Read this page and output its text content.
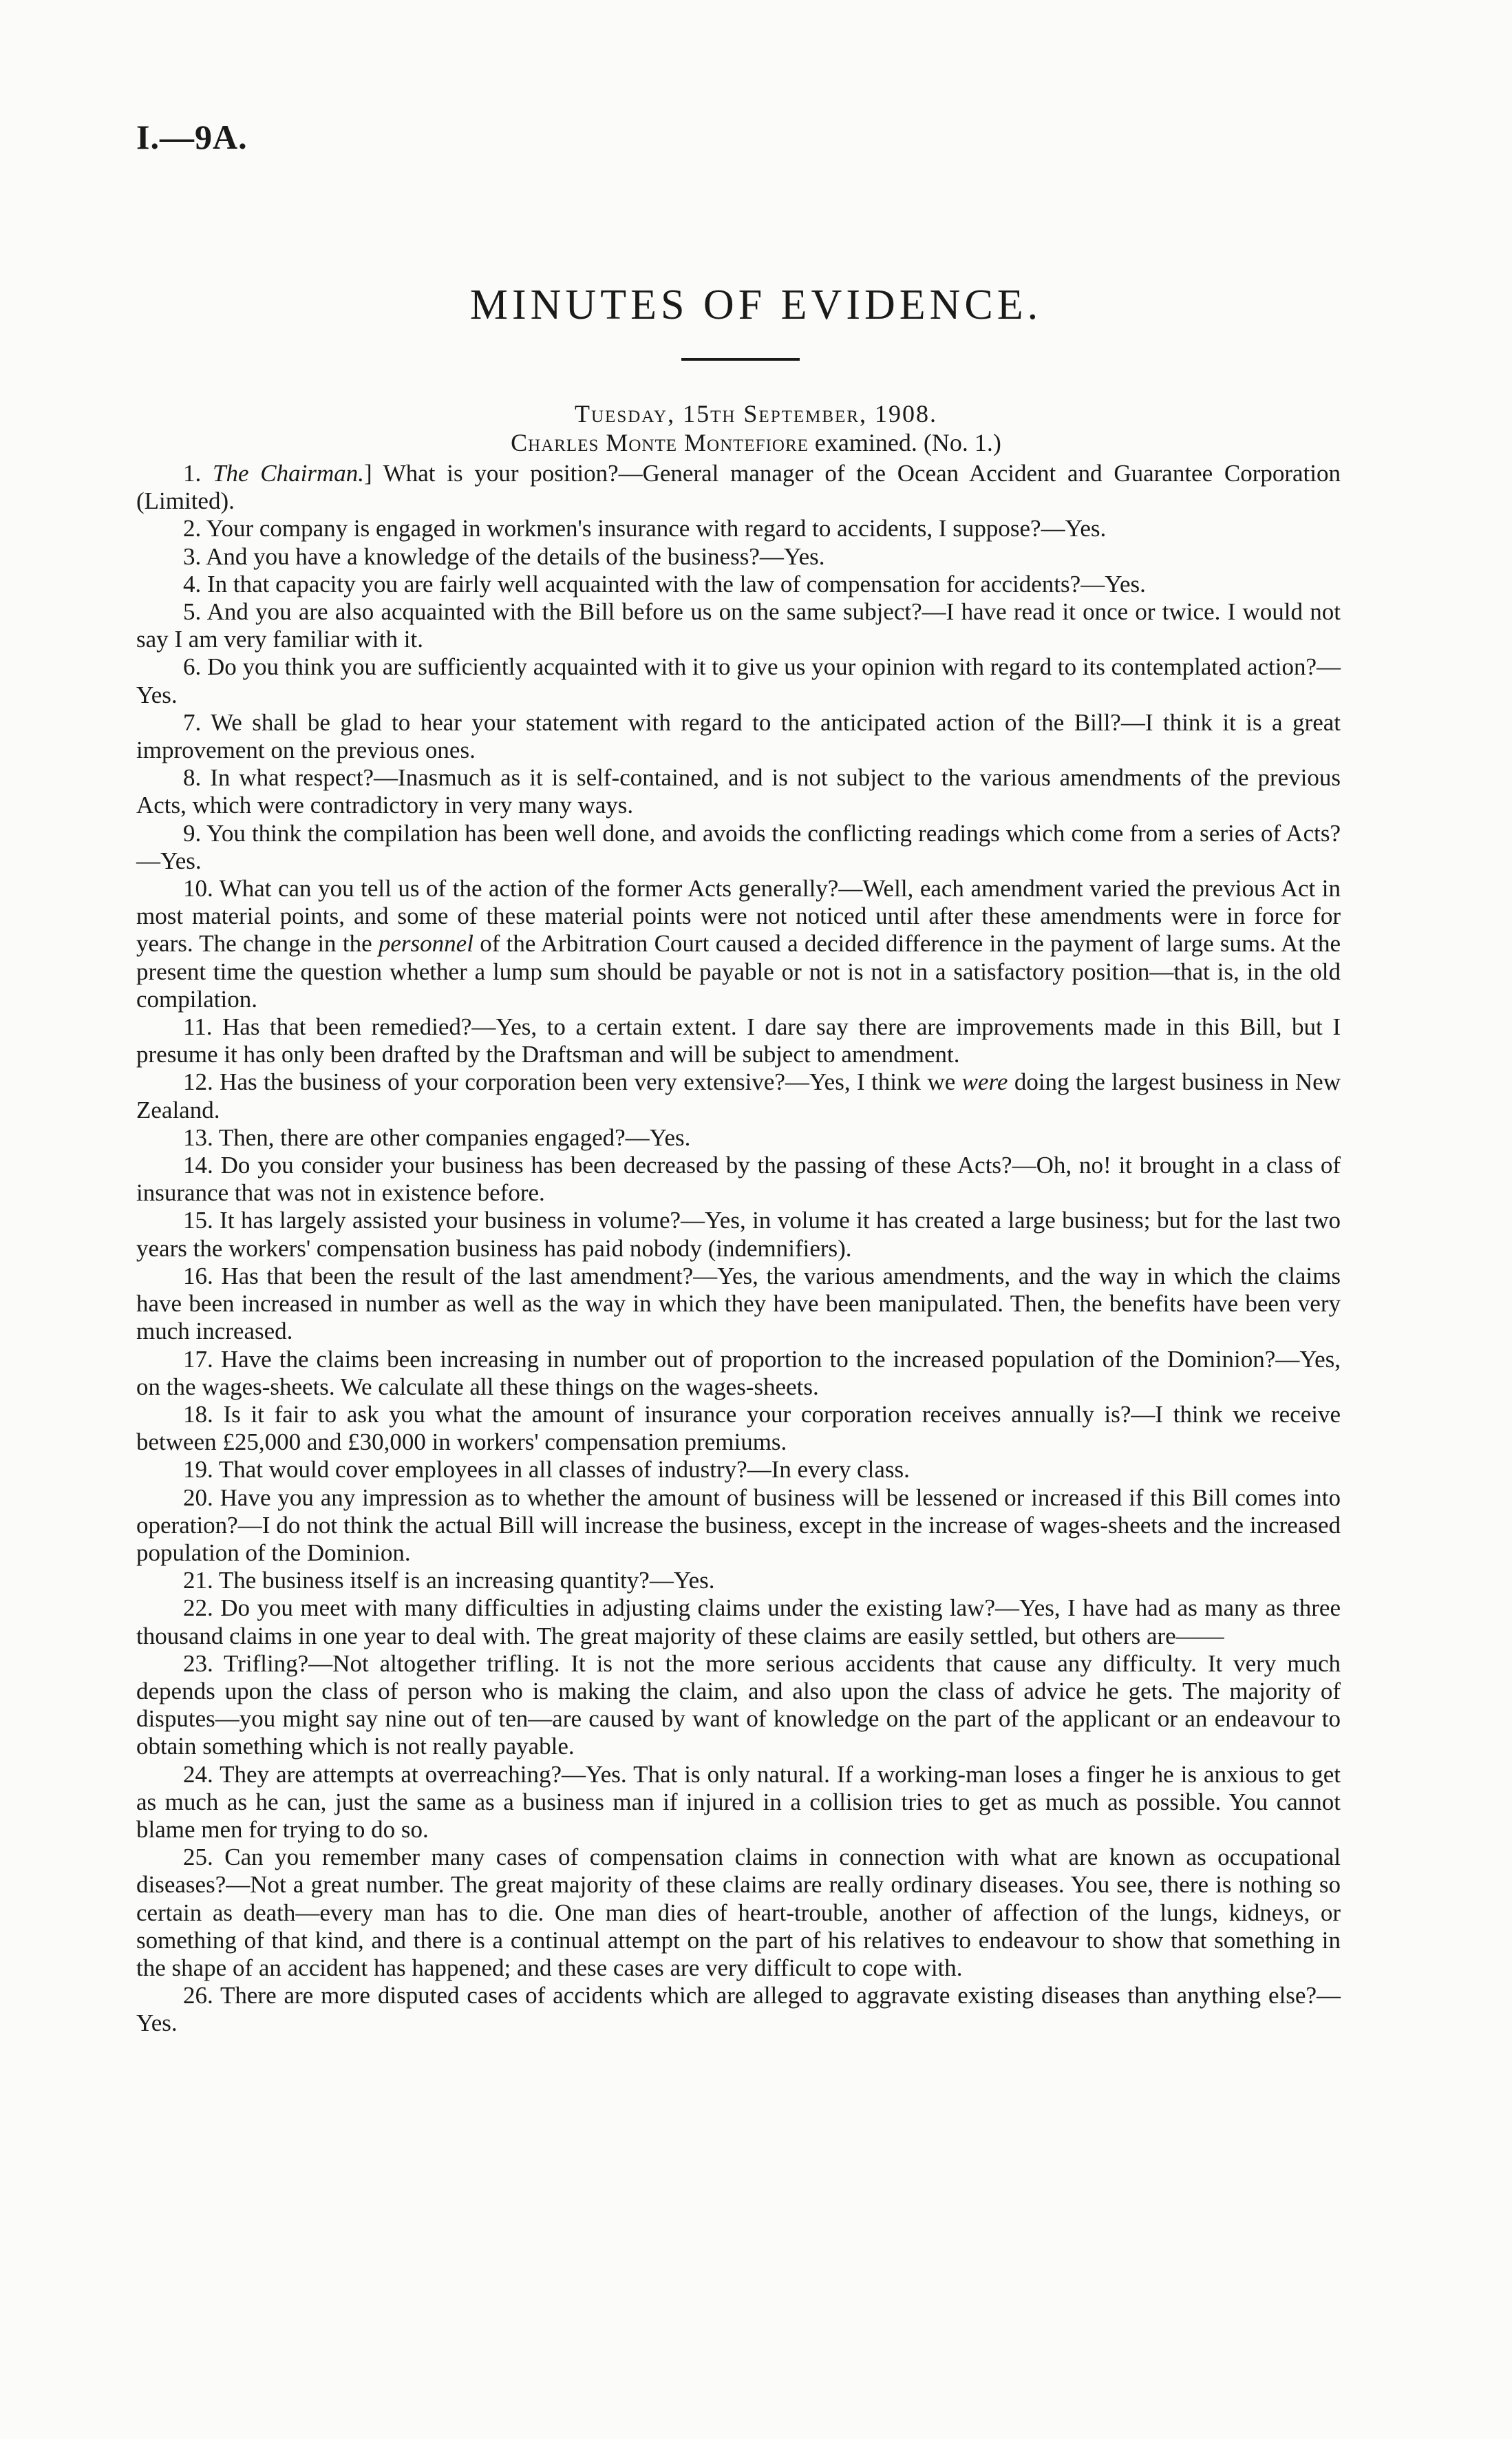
I.—9A.
MINUTES OF EVIDENCE.
Tuesday, 15th September, 1908.
Charles Monte Montefiore examined. (No. 1.)

1. The Chairman.] What is your position?—General manager of the Ocean Accident and Guarantee Corporation (Limited).

2. Your company is engaged in workmen's insurance with regard to accidents, I suppose?—Yes.

3. And you have a knowledge of the details of the business?—Yes.

4. In that capacity you are fairly well acquainted with the law of compensation for accidents?—Yes.

5. And you are also acquainted with the Bill before us on the same subject?—I have read it once or twice. I would not say I am very familiar with it.

6. Do you think you are sufficiently acquainted with it to give us your opinion with regard to its contemplated action?—Yes.

7. We shall be glad to hear your statement with regard to the anticipated action of the Bill?—I think it is a great improvement on the previous ones.

8. In what respect?—Inasmuch as it is self-contained, and is not subject to the various amendments of the previous Acts, which were contradictory in very many ways.

9. You think the compilation has been well done, and avoids the conflicting readings which come from a series of Acts?—Yes.

10. What can you tell us of the action of the former Acts generally?—Well, each amendment varied the previous Act in most material points, and some of these material points were not noticed until after these amendments were in force for years. The change in the personnel of the Arbitration Court caused a decided difference in the payment of large sums. At the present time the question whether a lump sum should be payable or not is not in a satisfactory position—that is, in the old compilation.

11. Has that been remedied?—Yes, to a certain extent. I dare say there are improvements made in this Bill, but I presume it has only been drafted by the Draftsman and will be subject to amendment.

12. Has the business of your corporation been very extensive?—Yes, I think we were doing the largest business in New Zealand.

13. Then, there are other companies engaged?—Yes.

14. Do you consider your business has been decreased by the passing of these Acts?—Oh, no! it brought in a class of insurance that was not in existence before.

15. It has largely assisted your business in volume?—Yes, in volume it has created a large business; but for the last two years the workers' compensation business has paid nobody (indemnifiers).

16. Has that been the result of the last amendment?—Yes, the various amendments, and the way in which the claims have been increased in number as well as the way in which they have been manipulated. Then, the benefits have been very much increased.

17. Have the claims been increasing in number out of proportion to the increased population of the Dominion?—Yes, on the wages-sheets. We calculate all these things on the wages-sheets.

18. Is it fair to ask you what the amount of insurance your corporation receives annually is?—I think we receive between £25,000 and £30,000 in workers' compensation premiums.

19. That would cover employees in all classes of industry?—In every class.

20. Have you any impression as to whether the amount of business will be lessened or increased if this Bill comes into operation?—I do not think the actual Bill will increase the business, except in the increase of wages-sheets and the increased population of the Dominion.

21. The business itself is an increasing quantity?—Yes.

22. Do you meet with many difficulties in adjusting claims under the existing law?—Yes, I have had as many as three thousand claims in one year to deal with. The great majority of these claims are easily settled, but others are——

23. Trifling?—Not altogether trifling. It is not the more serious accidents that cause any difficulty. It very much depends upon the class of person who is making the claim, and also upon the class of advice he gets. The majority of disputes—you might say nine out of ten—are caused by want of knowledge on the part of the applicant or an endeavour to obtain something which is not really payable.

24. They are attempts at overreaching?—Yes. That is only natural. If a working-man loses a finger he is anxious to get as much as he can, just the same as a business man if injured in a collision tries to get as much as possible. You cannot blame men for trying to do so.

25. Can you remember many cases of compensation claims in connection with what are known as occupational diseases?—Not a great number. The great majority of these claims are really ordinary diseases. You see, there is nothing so certain as death—every man has to die. One man dies of heart-trouble, another of affection of the lungs, kidneys, or something of that kind, and there is a continual attempt on the part of his relatives to endeavour to show that something in the shape of an accident has happened; and these cases are very difficult to cope with.

26. There are more disputed cases of accidents which are alleged to aggravate existing diseases than anything else?—Yes.
